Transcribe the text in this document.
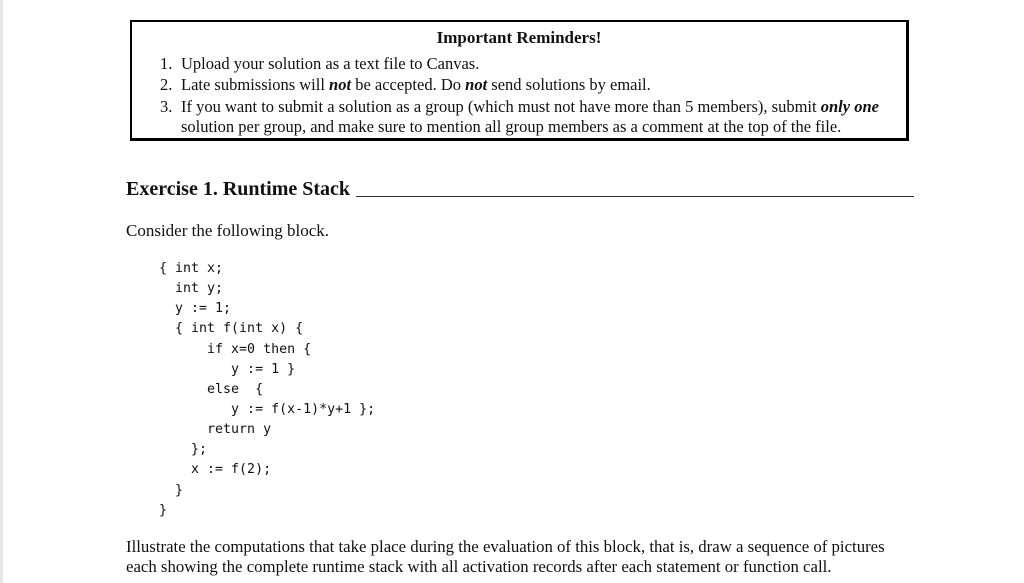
Important Reminders!
1. Upload your solution as a text file to Canvas.
2. Late submissions will not be accepted. Do not send solutions by email.
3. If you want to submit a solution as a group (which must not have more than 5 members), submit only one
solution per group, and make sure to mention all group members as a comment at the top of the file.
Exercise 1. Runtime Stack
Consider the following block.
{ int x;
int y;
y := 1;
{ int f(int x) {
if x=0 then {
y := 1 }
else  {
y := f(x-1)*y+1 };
return y
};
x := f(2);
}
}
Illustrate the computations that take place during the evaluation of this block, that is, draw a sequence of pictures
each showing the complete runtime stack with all activation records after each statement or function call.
